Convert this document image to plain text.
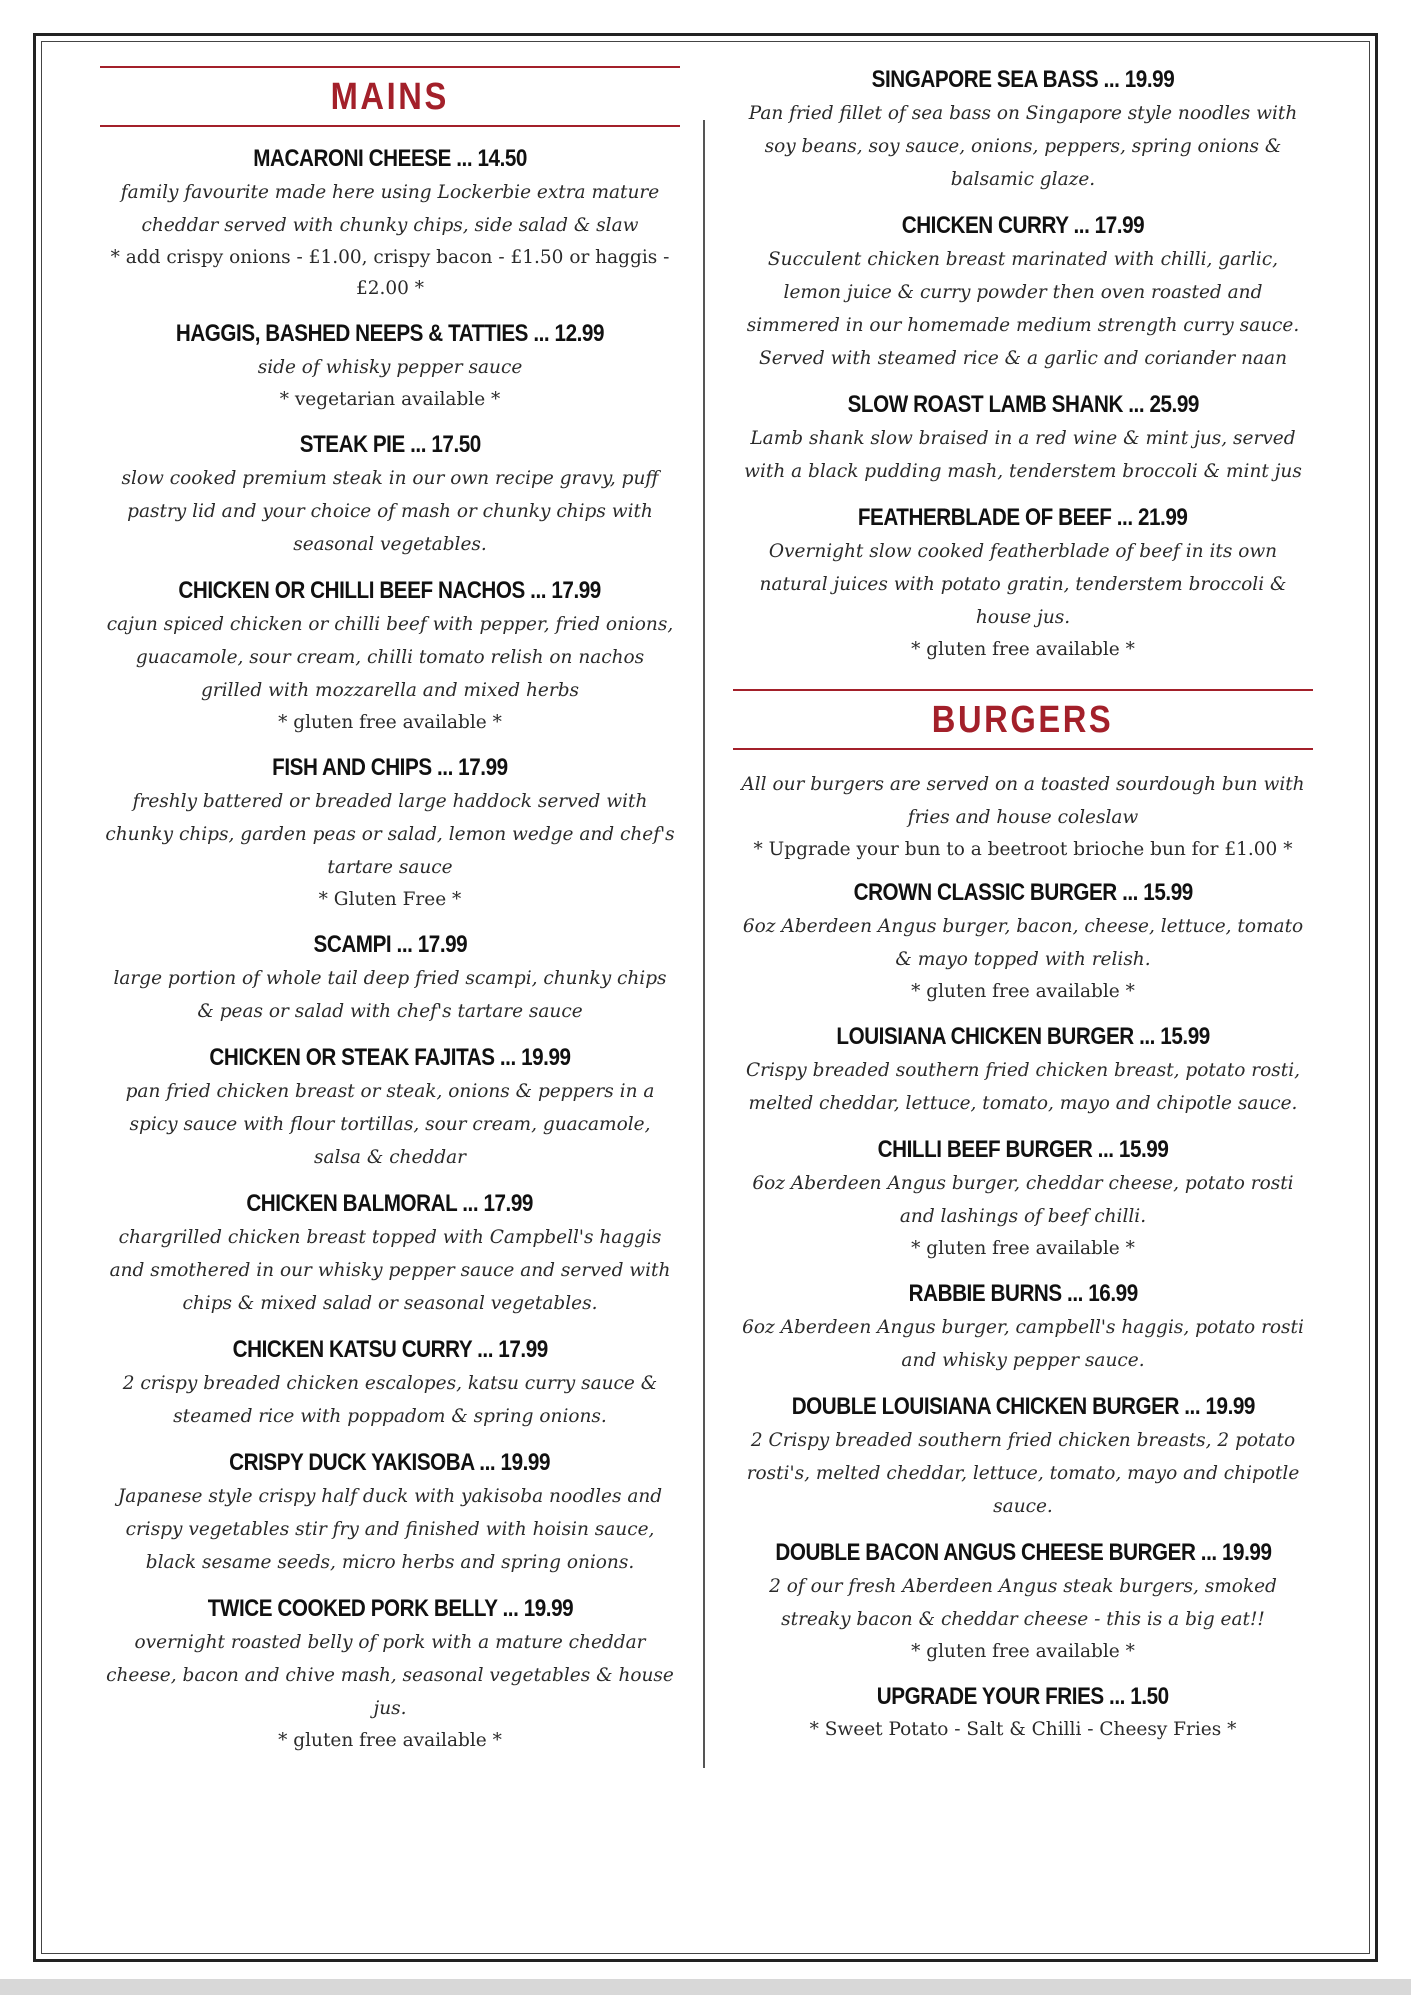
MAINS
MACARONI CHEESE ... 14.50
family favourite made here using Lockerbie extra mature cheddar served with chunky chips, side salad & slaw
* add crispy onions - £1.00, crispy bacon - £1.50 or haggis - £2.00 *
HAGGIS, BASHED NEEPS & TATTIES ... 12.99
side of whisky pepper sauce
* vegetarian available *
STEAK PIE ... 17.50
slow cooked premium steak in our own recipe gravy, puff pastry lid and your choice of mash or chunky chips with seasonal vegetables.
CHICKEN OR CHILLI BEEF NACHOS ... 17.99
cajun spiced chicken or chilli beef with pepper, fried onions, guacamole, sour cream, chilli tomato relish on nachos grilled with mozzarella and mixed herbs
* gluten free available *
FISH AND CHIPS ... 17.99
freshly battered or breaded large haddock served with chunky chips, garden peas or salad, lemon wedge and chef's tartare sauce
* Gluten Free *
SCAMPI ... 17.99
large portion of whole tail deep fried scampi, chunky chips & peas or salad with chef's tartare sauce
CHICKEN OR STEAK FAJITAS ... 19.99
pan fried chicken breast or steak, onions & peppers in a spicy sauce with flour tortillas, sour cream, guacamole, salsa & cheddar
CHICKEN BALMORAL ... 17.99
chargrilled chicken breast topped with Campbell's haggis and smothered in our whisky pepper sauce and served with chips & mixed salad or seasonal vegetables.
CHICKEN KATSU CURRY ... 17.99
2 crispy breaded chicken escalopes, katsu curry sauce & steamed rice with poppadom & spring onions.
CRISPY DUCK YAKISOBA ... 19.99
Japanese style crispy half duck with yakisoba noodles and crispy vegetables stir fry and finished with hoisin sauce, black sesame seeds, micro herbs and spring onions.
TWICE COOKED PORK BELLY ... 19.99
overnight roasted belly of pork with a mature cheddar cheese, bacon and chive mash, seasonal vegetables & house jus.
* gluten free available *
SINGAPORE SEA BASS ... 19.99
Pan fried fillet of sea bass on Singapore style noodles with soy beans, soy sauce, onions, peppers, spring onions & balsamic glaze.
CHICKEN CURRY ... 17.99
Succulent chicken breast marinated with chilli, garlic, lemon juice & curry powder then oven roasted and simmered in our homemade medium strength curry sauce. Served with steamed rice & a garlic and coriander naan
SLOW ROAST LAMB SHANK ... 25.99
Lamb shank slow braised in a red wine & mint jus, served with a black pudding mash, tenderstem broccoli & mint jus
FEATHERBLADE OF BEEF ... 21.99
Overnight slow cooked featherblade of beef in its own natural juices with potato gratin, tenderstem broccoli & house jus.
* gluten free available *
BURGERS
All our burgers are served on a toasted sourdough bun with fries and house coleslaw
* Upgrade your bun to a beetroot brioche bun for £1.00 *
CROWN CLASSIC BURGER ... 15.99
6oz Aberdeen Angus burger, bacon, cheese, lettuce, tomato & mayo topped with relish.
* gluten free available *
LOUISIANA CHICKEN BURGER ... 15.99
Crispy breaded southern fried chicken breast, potato rosti, melted cheddar, lettuce, tomato, mayo and chipotle sauce.
CHILLI BEEF BURGER ... 15.99
6oz Aberdeen Angus burger, cheddar cheese, potato rosti and lashings of beef chilli.
* gluten free available *
RABBIE BURNS ... 16.99
6oz Aberdeen Angus burger, campbell's haggis, potato rosti and whisky pepper sauce.
DOUBLE LOUISIANA CHICKEN BURGER ... 19.99
2 Crispy breaded southern fried chicken breasts, 2 potato rosti's, melted cheddar, lettuce, tomato, mayo and chipotle sauce.
DOUBLE BACON ANGUS CHEESE BURGER ... 19.99
2 of our fresh Aberdeen Angus steak burgers, smoked streaky bacon & cheddar cheese - this is a big eat!!
* gluten free available *
UPGRADE YOUR FRIES ... 1.50
* Sweet Potato - Salt & Chilli - Cheesy Fries *
